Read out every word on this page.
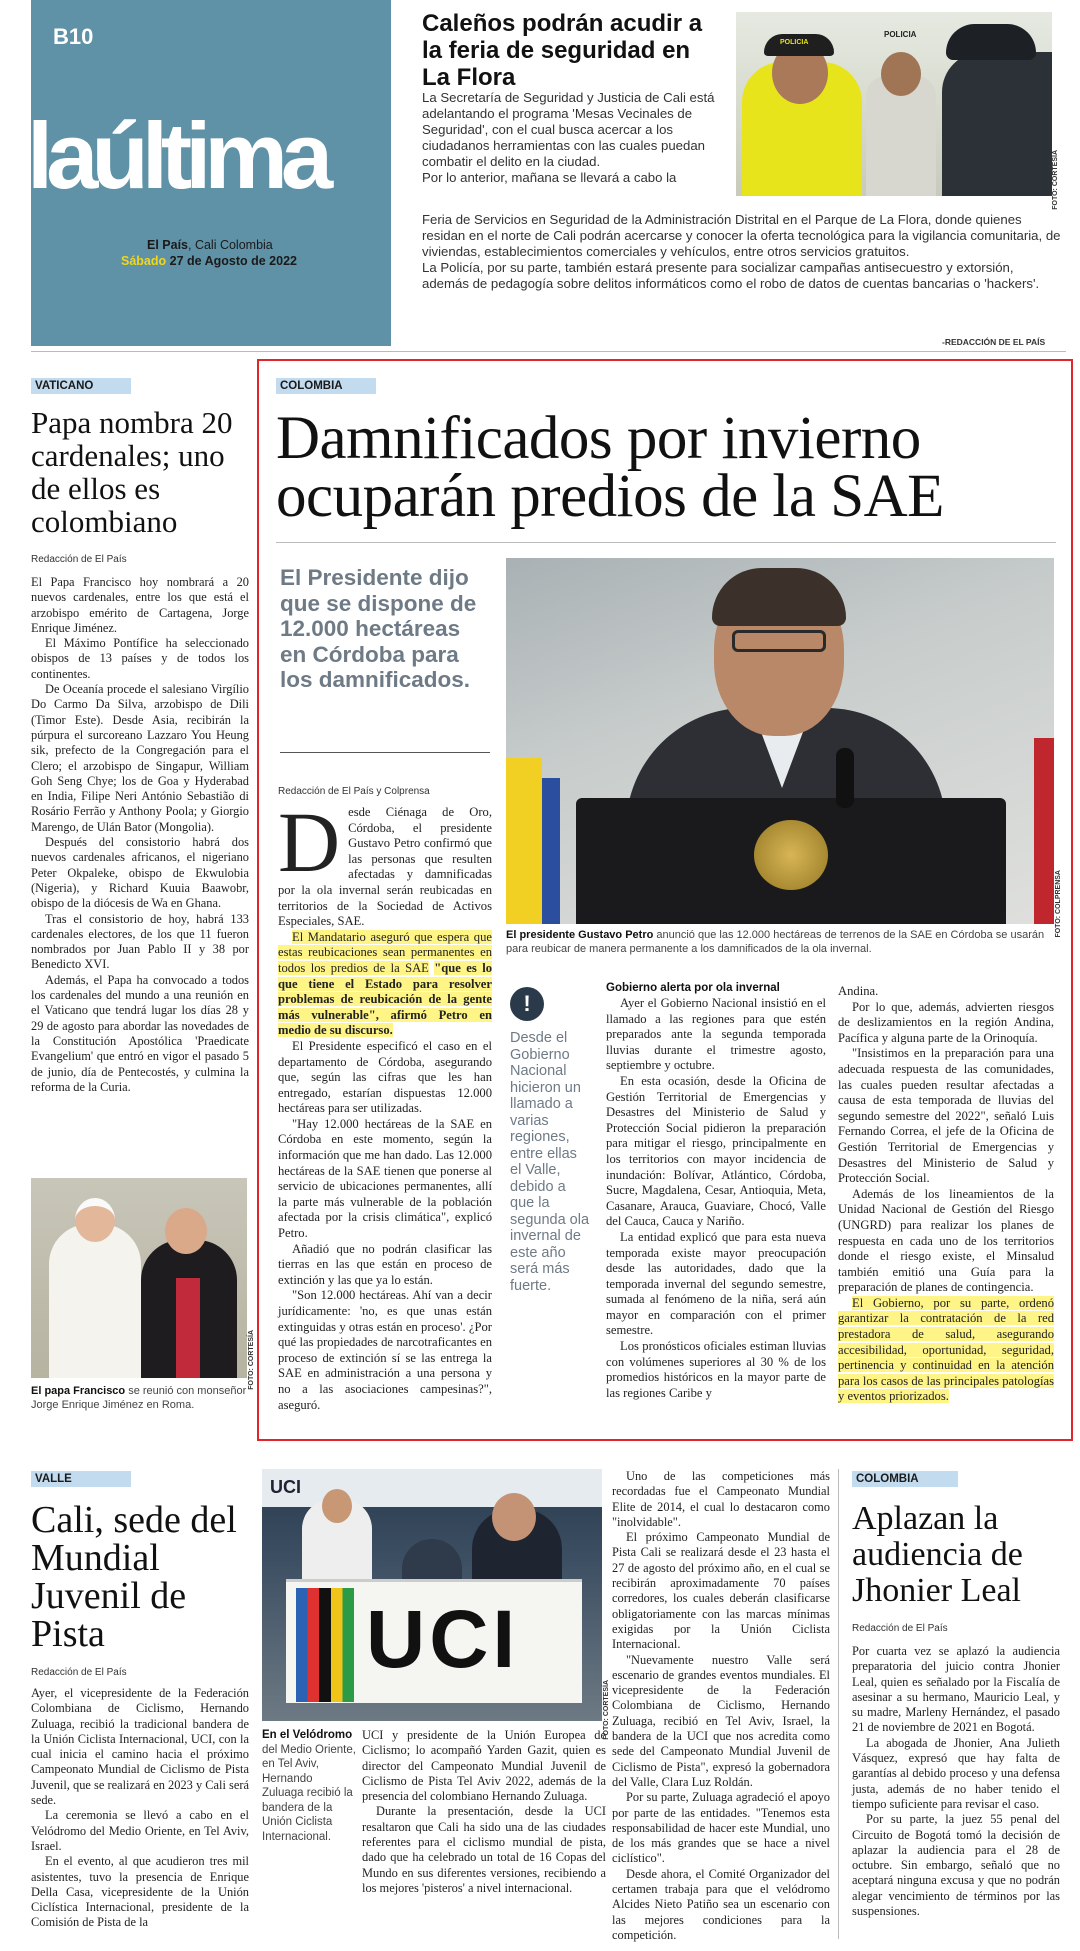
B10
laúltima
El País, Cali Colombia
Sábado 27 de Agosto de 2022
Caleños podrán acudir a la feria de seguridad en La Flora
POLICIA
POLICIA
FOTO: CORTESÍA

La Secretaría de Seguridad y Justicia de Cali está adelantando el programa 'Mesas Vecinales de Seguridad', con el cual busca acercar a los ciudadanos herramientas con las cuales puedan combatir el delito en la ciudad.

Por lo anterior, mañana se llevará a cabo la

Feria de Servicios en Seguridad de la Administración Distrital en el Parque de La Flora, donde quienes residan en el norte de Cali podrán acercarse y conocer la oferta tecnológica para la vigilancia comunitaria, de viviendas, establecimientos comerciales y vehículos, entre otros servicios gratuitos.

La Policía, por su parte, también estará presente para socializar campañas antisecuestro y extorsión, además de pedagogía sobre delitos informáticos como el robo de datos de cuentas bancarias o 'hackers'.

-REDACCIÓN DE EL PAÍS
VATICANO
Papa nombra 20 cardenales; uno de ellos es colombiano
Redacción de El País

El Papa Francisco hoy nombrará a 20 nuevos cardenales, entre los que está el arzobispo emérito de Cartagena, Jorge Enrique Jiménez.

El Máximo Pontífice ha seleccionado obispos de 13 países y de todos los continentes.

De Oceanía procede el salesiano Virgílio Do Carmo Da Silva, arzobispo de Dili (Timor Este). Desde Asia, recibirán la púrpura el surcoreano Lazzaro You Heung sik, prefecto de la Congregación para el Clero; el arzobispo de Singapur, William Goh Seng Chye; los de Goa y Hyderabad en India, Filipe Neri António Sebastião di Rosário Ferrão y Anthony Poola; y Giorgio Marengo, de Ulán Bator (Mongolia).

Después del consistorio habrá dos nuevos cardenales africanos, el nigeriano Peter Okpaleke, obispo de Ekwulobia (Nigeria), y Richard Kuuia Baawobr, obispo de la diócesis de Wa en Ghana.

Tras el consistorio de hoy, habrá 133 cardenales electores, de los que 11 fueron nombrados por Juan Pablo II y 38 por Benedicto XVI.

Además, el Papa ha convocado a todos los cardenales del mundo a una reunión en el Vaticano que tendrá lugar los días 28 y 29 de agosto para abordar las novedades de la Constitución Apostólica 'Praedicate Evangelium' que entró en vigor el pasado 5 de junio, día de Pentecostés, y culmina la reforma de la Curia.

FOTO: CORTESÍA
El papa Francisco se reunió con monseñor Jorge Enrique Jiménez en Roma.
COLOMBIA
Damnificados por invierno ocuparán predios de la SAE
El Presidente dijo que se dispone de 12.000 hectáreas en Córdoba para los damnificados.
FOTO: COLPRENSA
El presidente Gustavo Petro anunció que las 12.000 hectáreas de terrenos de la SAE en Córdoba se usarán para reubicar de manera permanente a los damnificados de la ola invernal.
Redacción de El País y Colprensa

Desde Ciénaga de Oro, Córdoba, el presidente Gustavo Petro confirmó que las personas que resulten afectadas y damnificadas por la ola invernal serán reubicadas en territorios de la Sociedad de Activos Especiales, SAE.

El Mandatario aseguró que espera que estas reubicaciones sean permanentes en todos los predios de la SAE "que es lo que tiene el Estado para resolver problemas de reubicación de la gente más vulnerable", afirmó Petro en medio de su discurso.

El Presidente especificó el caso en el departamento de Córdoba, asegurando que, según las cifras que les han entregado, estarían dispuestas 12.000 hectáreas para ser utilizadas.

"Hay 12.000 hectáreas de la SAE en Córdoba en este momento, según la información que me han dado. Las 12.000 hectáreas de la SAE tienen que ponerse al servicio de ubicaciones permanentes, allí la parte más vulnerable de la población afectada por la crisis climática", explicó Petro.

Añadió que no podrán clasificar las tierras en las que están en proceso de extinción y las que ya lo están.

"Son 12.000 hectáreas. Ahí van a decir jurídicamente: 'no, es que unas están extinguidas y otras están en proceso'. ¿Por qué las propiedades de narcotraficantes en proceso de extinción sí se las entrega la SAE en administración a una persona y no a las asociaciones campesinas?", aseguró.

!
Desde el Gobierno Nacional hicieron un llamado a varias regiones, entre ellas el Valle, debido a que la segunda ola invernal de este año será más fuerte.
Gobierno alerta por ola invernal

Ayer el Gobierno Nacional insistió en el llamado a las regiones para que estén preparados ante la segunda temporada lluvias durante el trimestre agosto, septiembre y octubre.

En esta ocasión, desde la Oficina de Gestión Territorial de Emergencias y Desastres del Ministerio de Salud y Protección Social pidieron la preparación para mitigar el riesgo, principalmente en los territorios con mayor incidencia de inundación: Bolívar, Atlántico, Córdoba, Sucre, Magdalena, Cesar, Antioquia, Meta, Casanare, Arauca, Guaviare, Chocó, Valle del Cauca, Cauca y Nariño.

La entidad explicó que para esta nueva temporada existe mayor preocupación desde las autoridades, dado que la temporada invernal del segundo semestre, sumada al fenómeno de la niña, será aún mayor en comparación con el primer semestre.

Los pronósticos oficiales estiman lluvias con volúmenes superiores al 30 % de los promedios históricos en la mayor parte de las regiones Caribe y

Andina.

Por lo que, además, advierten riesgos de deslizamientos en la región Andina, Pacífica y alguna parte de la Orinoquía.

"Insistimos en la preparación para una adecuada respuesta de las comunidades, las cuales pueden resultar afectadas a causa de esta temporada de lluvias del segundo semestre del 2022", señaló Luis Fernando Correa, el jefe de la Oficina de Gestión Territorial de Emergencias y Desastres del Ministerio de Salud y Protección Social.

Además de los lineamientos de la Unidad Nacional de Gestión del Riesgo (UNGRD) para realizar los planes de respuesta en cada uno de los territorios donde el riesgo existe, el Minsalud también emitió una Guía para la preparación de planes de contingencia.

El Gobierno, por su parte, ordenó garantizar la contratación de la red prestadora de salud, asegurando accesibilidad, oportunidad, seguridad, pertinencia y continuidad en la atención para los casos de las principales patologías y eventos priorizados.

VALLE
Cali, sede del Mundial Juvenil de Pista
Redacción de El País

Ayer, el vicepresidente de la Federación Colombiana de Ciclismo, Hernando Zuluaga, recibió la tradicional bandera de la Unión Ciclista Internacional, UCI, con la cual inicia el camino hacia el próximo Campeonato Mundial de Ciclismo de Pista Juvenil, que se realizará en 2023 y Cali será sede.

La ceremonia se llevó a cabo en el Velódromo del Medio Oriente, en Tel Aviv, Israel.

En el evento, al que acudieron tres mil asistentes, tuvo la presencia de Enrique Della Casa, vicepresidente de la Unión Ciclística Internacional, presidente de la Comisión de Pista de la

UCI
UCI
FOTO: CORTESÍA
En el Velódromo del Medio Oriente, en Tel Aviv, Hernando Zuluaga recibió la bandera de la Unión Ciclista Internacional.

UCI y presidente de la Unión Europea de Ciclismo; lo acompañó Yarden Gazit, quien es director del Campeonato Mundial Juvenil de Ciclismo de Pista Tel Aviv 2022, además de la presencia del colombiano Hernando Zuluaga.

Durante la presentación, desde la UCI resaltaron que Cali ha sido una de las ciudades referentes para el ciclismo mundial de pista, dado que ha celebrado un total de 16 Copas del Mundo en sus diferentes versiones, recibiendo a los mejores 'pisteros' a nivel internacional.

Uno de las competiciones más recordadas fue el Campeonato Mundial Elite de 2014, el cual lo destacaron como "inolvidable".

El próximo Campeonato Mundial de Pista Cali se realizará desde el 23 hasta el 27 de agosto del próximo año, en el cual se recibirán aproximadamente 70 países corredores, los cuales deberán clasificarse obligatoriamente con las marcas mínimas exigidas por la Unión Ciclista Internacional.

"Nuevamente nuestro Valle será escenario de grandes eventos mundiales. El vicepresidente de la Federación Colombiana de Ciclismo, Hernando Zuluaga, recibió en Tel Aviv, Israel, la bandera de la UCI que nos acredita como sede del Campeonato Mundial Juvenil de Ciclismo de Pista", expresó la gobernadora del Valle, Clara Luz Roldán.

Por su parte, Zuluaga agradeció el apoyo por parte de las entidades. "Tenemos esta responsabilidad de hacer este Mundial, uno de los más grandes que se hace a nivel ciclístico".

Desde ahora, el Comité Organizador del certamen trabaja para que el velódromo Alcides Nieto Patiño sea un escenario con las mejores condiciones para la competición.

COLOMBIA
Aplazan la audiencia de Jhonier Leal
Redacción de El País

Por cuarta vez se aplazó la audiencia preparatoria del juicio contra Jhonier Leal, quien es señalado por la Fiscalía de asesinar a su hermano, Mauricio Leal, y su madre, Marleny Hernández, el pasado 21 de noviembre de 2021 en Bogotá.

La abogada de Jhonier, Ana Julieth Vásquez, expresó que hay falta de garantías al debido proceso y una defensa justa, además de no haber tenido el tiempo suficiente para revisar el caso.

Por su parte, la juez 55 penal del Circuito de Bogotá tomó la decisión de aplazar la audiencia para el 28 de octubre. Sin embargo, señaló que no aceptará ninguna excusa y que no podrán alegar vencimiento de términos por las suspensiones.
